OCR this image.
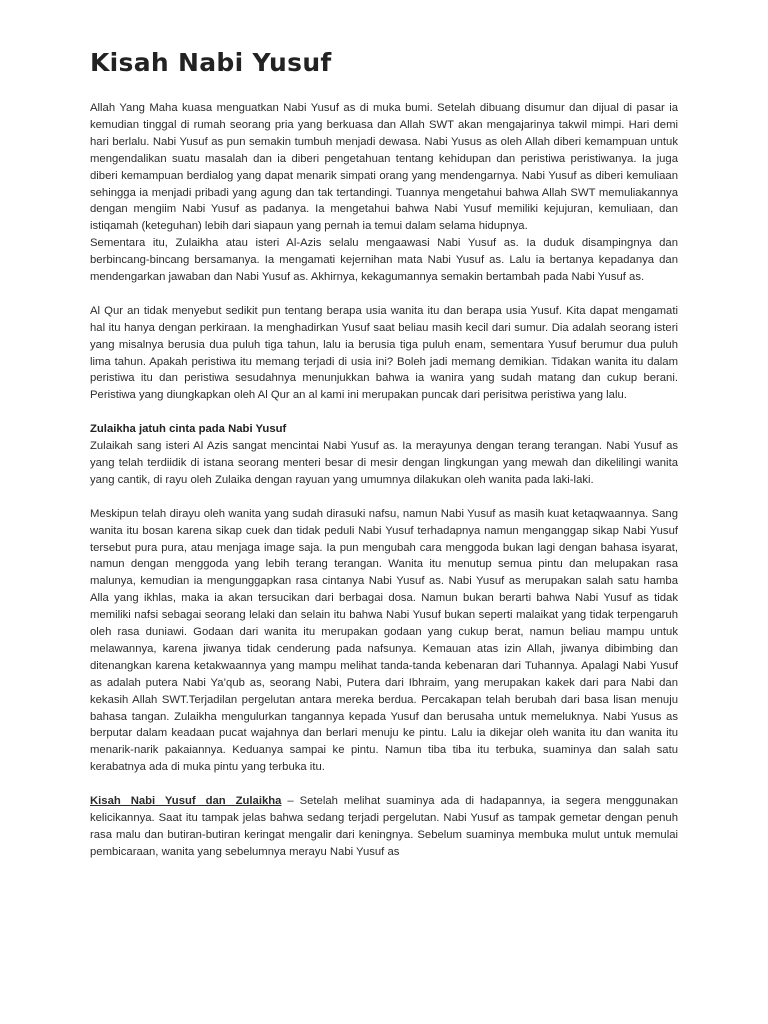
Kisah Nabi Yusuf

Allah Yang Maha kuasa menguatkan Nabi Yusuf as di muka bumi. Setelah dibuang disumur dan dijual di pasar ia kemudian tinggal di rumah seorang pria yang berkuasa dan Allah SWT akan mengajarinya takwil mimpi. Hari demi hari berlalu. Nabi Yusuf as pun semakin tumbuh menjadi dewasa. Nabi Yusus as oleh Allah diberi kemampuan untuk mengendalikan suatu masalah dan ia diberi pengetahuan tentang kehidupan dan peristiwa peristiwanya. Ia juga diberi kemampuan berdialog yang dapat menarik simpati orang yang mendengarnya. Nabi Yusuf as diberi kemuliaan sehingga ia menjadi pribadi yang agung dan tak tertandingi. Tuannya mengetahui bahwa Allah SWT memuliakannya dengan mengiim Nabi Yusuf as padanya. Ia mengetahui bahwa Nabi Yusuf memiliki kejujuran, kemuliaan, dan istiqamah (keteguhan) lebih dari siapaun yang pernah ia temui dalam selama hidupnya.

Sementara itu, Zulaikha atau isteri Al-Azis selalu mengaawasi Nabi Yusuf as. Ia duduk disampingnya dan berbincang-bincang bersamanya. Ia mengamati kejernihan mata Nabi Yusuf as. Lalu ia bertanya kepadanya dan mendengarkan jawaban dan Nabi Yusuf as. Akhirnya, kekagumannya semakin bertambah pada Nabi Yusuf as.

Al Qur an tidak menyebut sedikit pun tentang berapa usia wanita itu dan berapa usia Yusuf. Kita dapat mengamati hal itu hanya dengan perkiraan. Ia menghadirkan Yusuf saat beliau masih kecil dari sumur. Dia adalah seorang isteri yang misalnya berusia dua puluh tiga tahun, lalu ia berusia tiga puluh enam, sementara Yusuf berumur dua puluh lima tahun. Apakah peristiwa itu memang terjadi di usia ini? Boleh jadi memang demikian. Tidakan wanita itu dalam peristiwa itu dan peristiwa sesudahnya menunjukkan bahwa ia wanira yang sudah matang dan cukup berani. Peristiwa yang diungkapkan oleh Al Qur an al kami ini merupakan puncak dari perisitwa peristiwa yang lalu.

Zulaikha jatuh cinta pada Nabi Yusuf

Zulaikah sang isteri Al Azis sangat mencintai Nabi Yusuf as. Ia merayunya dengan terang terangan. Nabi Yusuf as yang telah terdiidik di istana seorang menteri besar di mesir dengan lingkungan yang mewah dan dikelilingi wanita yang cantik, di rayu oleh Zulaika dengan rayuan yang umumnya dilakukan oleh wanita pada laki-laki.

Meskipun telah dirayu oleh wanita yang sudah dirasuki nafsu, namun Nabi Yusuf as masih kuat ketaqwaannya. Sang wanita itu bosan karena sikap cuek dan tidak peduli Nabi Yusuf terhadapnya namun menganggap sikap Nabi Yusuf tersebut pura pura, atau menjaga image saja. Ia pun mengubah cara menggoda bukan lagi dengan bahasa isyarat, namun dengan menggoda yang lebih terang terangan. Wanita itu menutup semua pintu dan melupakan rasa malunya, kemudian ia mengunggapkan rasa cintanya Nabi Yusuf as. Nabi Yusuf as merupakan salah satu hamba Alla yang ikhlas, maka ia akan tersucikan dari berbagai dosa. Namun bukan berarti bahwa Nabi Yusuf as tidak memiliki nafsi sebagai seorang lelaki dan selain itu bahwa Nabi Yusuf bukan seperti malaikat yang tidak terpengaruh oleh rasa duniawi. Godaan dari wanita itu merupakan godaan yang cukup berat, namun beliau mampu untuk melawannya, karena jiwanya tidak cenderung pada nafsunya. Kemauan atas izin Allah, jiwanya dibimbing dan ditenangkan karena ketakwaannya yang mampu melihat tanda-tanda kebenaran dari Tuhannya. Apalagi Nabi Yusuf as adalah putera Nabi Ya’qub as, seorang Nabi, Putera dari Ibhraim, yang merupakan kakek dari para Nabi dan kekasih Allah SWT.Terjadilan pergelutan antara mereka berdua. Percakapan telah berubah dari basa lisan menuju bahasa tangan. Zulaikha mengulurkan tangannya kepada Yusuf dan berusaha untuk memeluknya. Nabi Yusus as berputar dalam keadaan pucat wajahnya dan berlari menuju ke pintu. Lalu ia dikejar oleh wanita itu dan wanita itu menarik-narik pakaiannya. Keduanya sampai ke pintu. Namun tiba tiba itu terbuka, suaminya dan salah satu kerabatnya ada di muka pintu yang terbuka itu.

Kisah Nabi Yusuf dan Zulaikha – Setelah melihat suaminya ada di hadapannya, ia segera menggunakan kelicikannya. Saat itu tampak jelas bahwa sedang terjadi pergelutan. Nabi Yusuf as tampak gemetar dengan penuh rasa malu dan butiran-butiran keringat mengalir dari keningnya. Sebelum suaminya membuka mulut untuk memulai pembicaraan, wanita yang sebelumnya merayu Nabi Yusuf as
